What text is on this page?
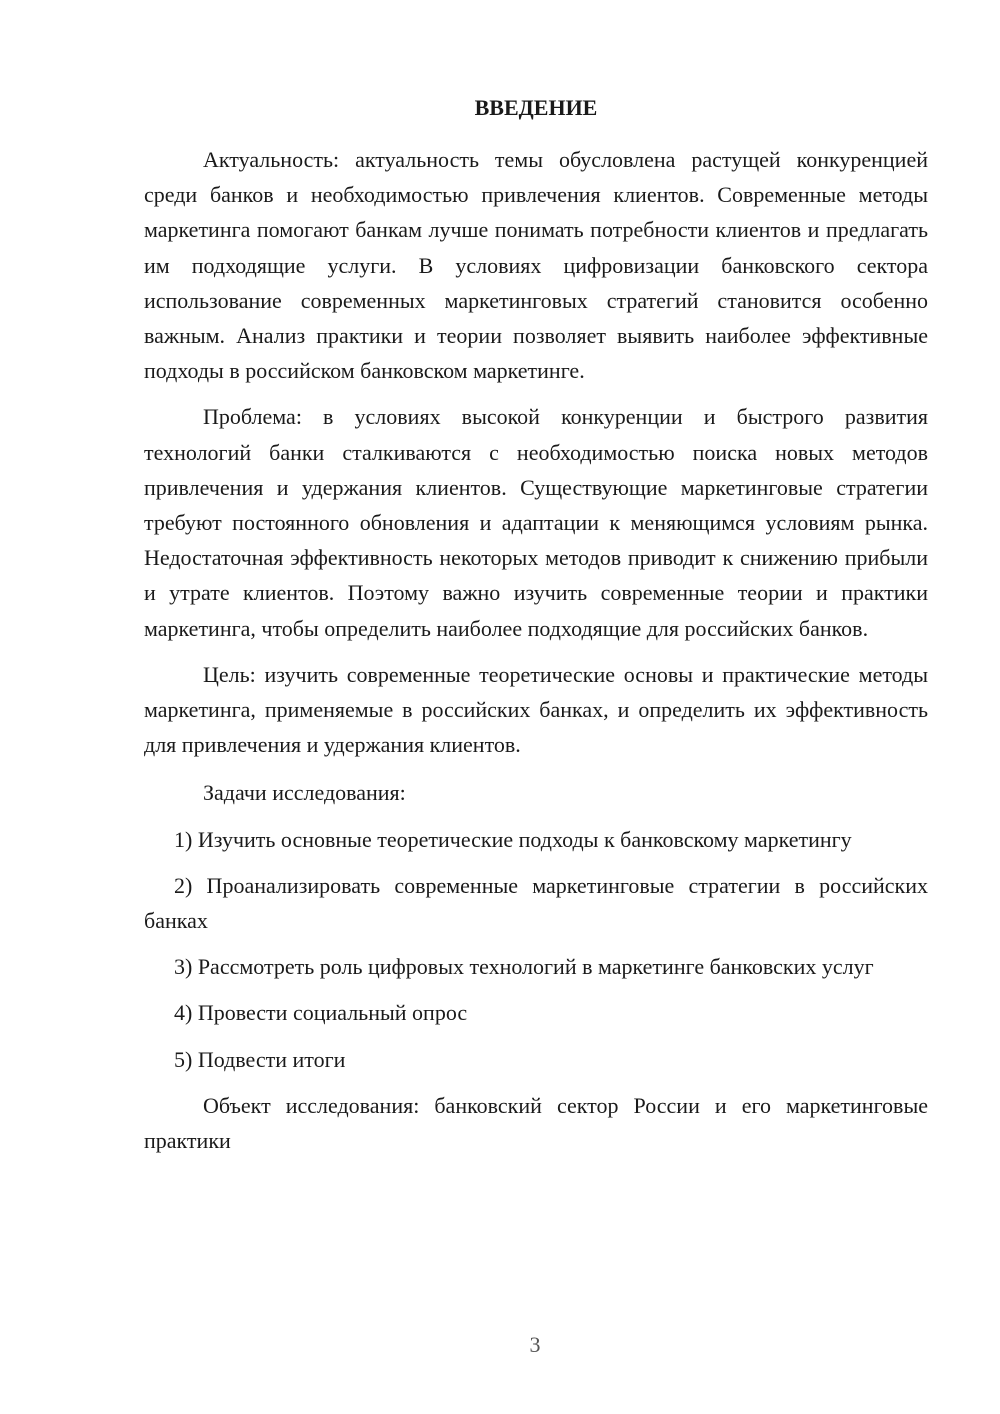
ВВЕДЕНИЕ

Актуальность: актуальность темы обусловлена растущей конкуренцией среди банков и необходимостью привлечения клиентов. Современные методы маркетинга помогают банкам лучше понимать потребности клиентов и предлагать им подходящие услуги. В условиях цифровизации банковского сектора использование современных маркетинговых стратегий становится особенно важным. Анализ практики и теории позволяет выявить наиболее эффективные подходы в российском банковском маркетинге.

Проблема: в условиях высокой конкуренции и быстрого развития технологий банки сталкиваются с необходимостью поиска новых методов привлечения и удержания клиентов. Существующие маркетинговые стратегии требуют постоянного обновления и адаптации к меняющимся условиям рынка. Недостаточная эффективность некоторых методов приводит к снижению прибыли и утрате клиентов. Поэтому важно изучить современные теории и практики маркетинга, чтобы определить наиболее подходящие для российских банков.

Цель: изучить современные теоретические основы и практические методы маркетинга, применяемые в российских банках, и определить их эффективность для привлечения и удержания клиентов.

Задачи исследования:

1) Изучить основные теоретические подходы к банковскому маркетингу

2) Проанализировать современные маркетинговые стратегии в российских банках

3) Рассмотреть роль цифровых технологий в маркетинге банковских услуг

4) Провести социальный опрос

5) Подвести итоги

Объект исследования: банковский сектор России и его маркетинговые практики

3
